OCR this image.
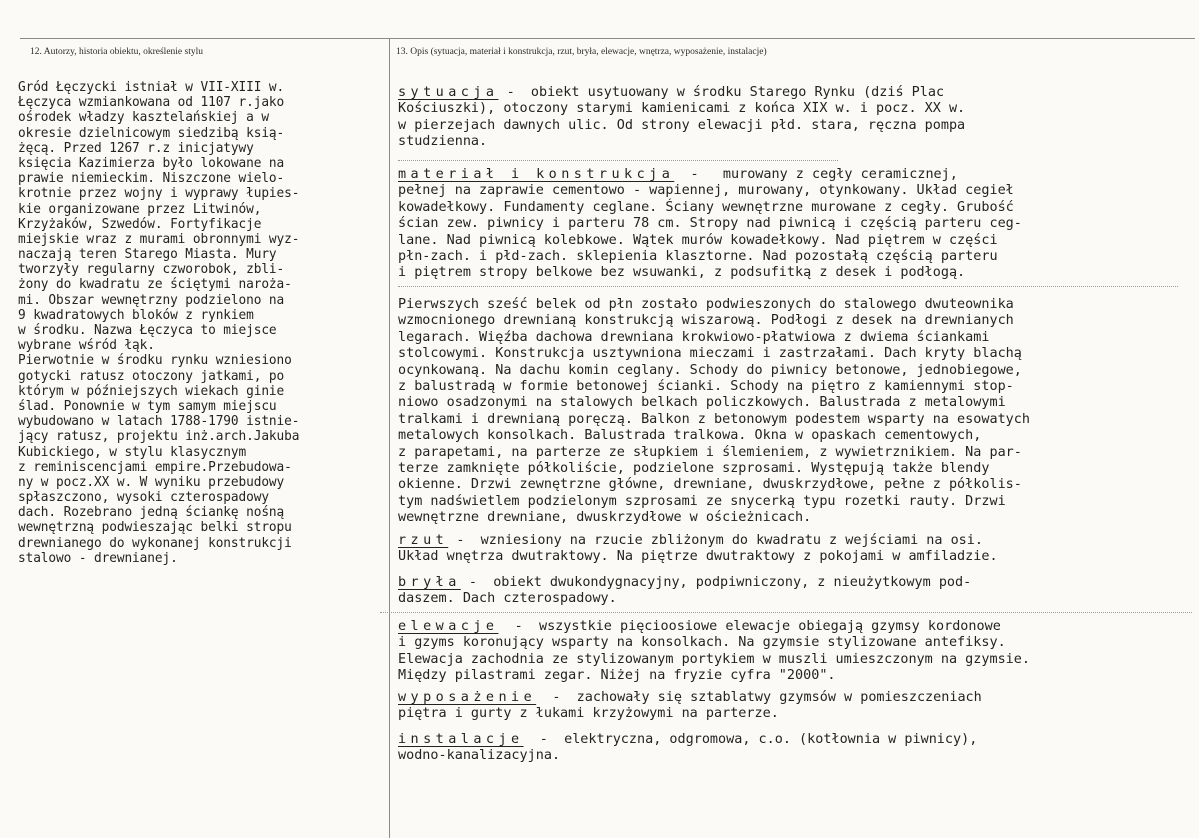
12. Autorzy, historia obiektu, określenie stylu	13. Opis (sytuacja, materiał i konstrukcja, rzut, bryła, elewacje, wnętrza, wyposażenie, instalacje)
Gród Łęczycki istniał w VII-XIII w.
Łęczyca wzmiankowana od 1107 r.jako
ośrodek władzy kasztelańskiej a w
okresie dzielnicowym siedzibą ksią-
żęcą. Przed 1267 r.z inicjatywy
księcia Kazimierza było lokowane na
prawie niemieckim. Niszczone wielo-
krotnie przez wojny i wyprawy łupies-
kie organizowane przez Litwinów,
Krzyżaków, Szwedów. Fortyfikacje
miejskie wraz z murami obronnymi wyz-
naczają teren Starego Miasta. Mury
tworzyły regularny czworobok, zbli-
żony do kwadratu ze ściętymi naroża-
mi. Obszar wewnętrzny podzielono na
9 kwadratowych bloków z rynkiem
w środku. Nazwa Łęczyca to miejsce
wybrane wśród łąk.
Pierwotnie w środku rynku wzniesiono
gotycki ratusz otoczony jatkami, po
którym w późniejszych wiekach ginie
ślad. Ponownie w tym samym miejscu
wybudowano w latach 1788-1790 istnie-
jący ratusz, projektu inż.arch.Jakuba
Kubickiego, w stylu klasycznym
z reminiscencjami empire.Przebudowa-
ny w pocz.XX w. W wyniku przebudowy
spłaszczono, wysoki czterospadowy
dach. Rozebrano jedną ściankę nośną
wewnętrzną podwieszając belki stropu
drewnianego do wykonanej konstrukcji
stalowo - drewnianej.
sytuacja -  obiekt usytuowany w środku Starego Rynku (dziś Plac
Kościuszki), otoczony starymi kamienicami z końca XIX w. i pocz. XX w.
w pierzejach dawnych ulic. Od strony elewacji płd. stara, ręczna pompa
studzienna.
materiał i konstrukcja  -   murowany z cegły ceramicznej,
pełnej na zaprawie cementowo - wapiennej, murowany, otynkowany. Układ cegieł
kowadełkowy. Fundamenty ceglane. Ściany wewnętrzne murowane z cegły. Grubość
ścian zew. piwnicy i parteru 78 cm. Stropy nad piwnicą i częścią parteru ceg-
lane. Nad piwnicą kolebkowe. Wątek murów kowadełkowy. Nad piętrem w części
płn-zach. i płd-zach. sklepienia klasztorne. Nad pozostałą częścią parteru
i piętrem stropy belkowe bez wsuwanki, z podsufitką z desek i podłogą.
Pierwszych sześć belek od płn zostało podwieszonych do stalowego dwuteownika
wzmocnionego drewnianą konstrukcją wiszarową. Podłogi z desek na drewnianych
legarach. Więźba dachowa drewniana krokwiowo-płatwiowa z dwiema ściankami
stolcowymi. Konstrukcja usztywniona mieczami i zastrzałami. Dach kryty blachą
ocynkowaną. Na dachu komin ceglany. Schody do piwnicy betonowe, jednobiegowe,
z balustradą w formie betonowej ścianki. Schody na piętro z kamiennymi stop-
niowo osadzonymi na stalowych belkach policzkowych. Balustrada z metalowymi
tralkami i drewnianą poręczą. Balkon z betonowym podestem wsparty na esowatych
metalowych konsolkach. Balustrada tralkowa. Okna w opaskach cementowych,
z parapetami, na parterze ze słupkiem i ślemieniem, z wywietrznikiem. Na par-
terze zamknięte półkoliście, podzielone szprosami. Występują także blendy
okienne. Drzwi zewnętrzne główne, drewniane, dwuskrzydłowe, pełne z półkolis-
tym nadświetlem podzielonym szprosami ze snycerką typu rozetki rauty. Drzwi
wewnętrzne drewniane, dwuskrzydłowe w ościeżnicach.
rzut -  wzniesiony na rzucie zbliżonym do kwadratu z wejściami na osi.
Układ wnętrza dwutraktowy. Na piętrze dwutraktowy z pokojami w amfiladzie.
bryła -  obiekt dwukondygnacyjny, podpiwniczony, z nieużytkowym pod-
daszem. Dach czterospadowy.
elewacje  -  wszystkie pięcioosiowe elewacje obiegają gzymsy kordonowe
i gzyms koronujący wsparty na konsolkach. Na gzymsie stylizowane antefiksy.
Elewacja zachodnia ze stylizowanym portykiem w muszli umieszczonym na gzymsie.
Między pilastrami zegar. Niżej na fryzie cyfra "2000".
wyposażenie  -  zachowały się sztablatwy gzymsów w pomieszczeniach
piętra i gurty z łukami krzyżowymi na parterze.
instalacje  -  elektryczna, odgromowa, c.o. (kotłownia w piwnicy),
wodno-kanalizacyjna.
